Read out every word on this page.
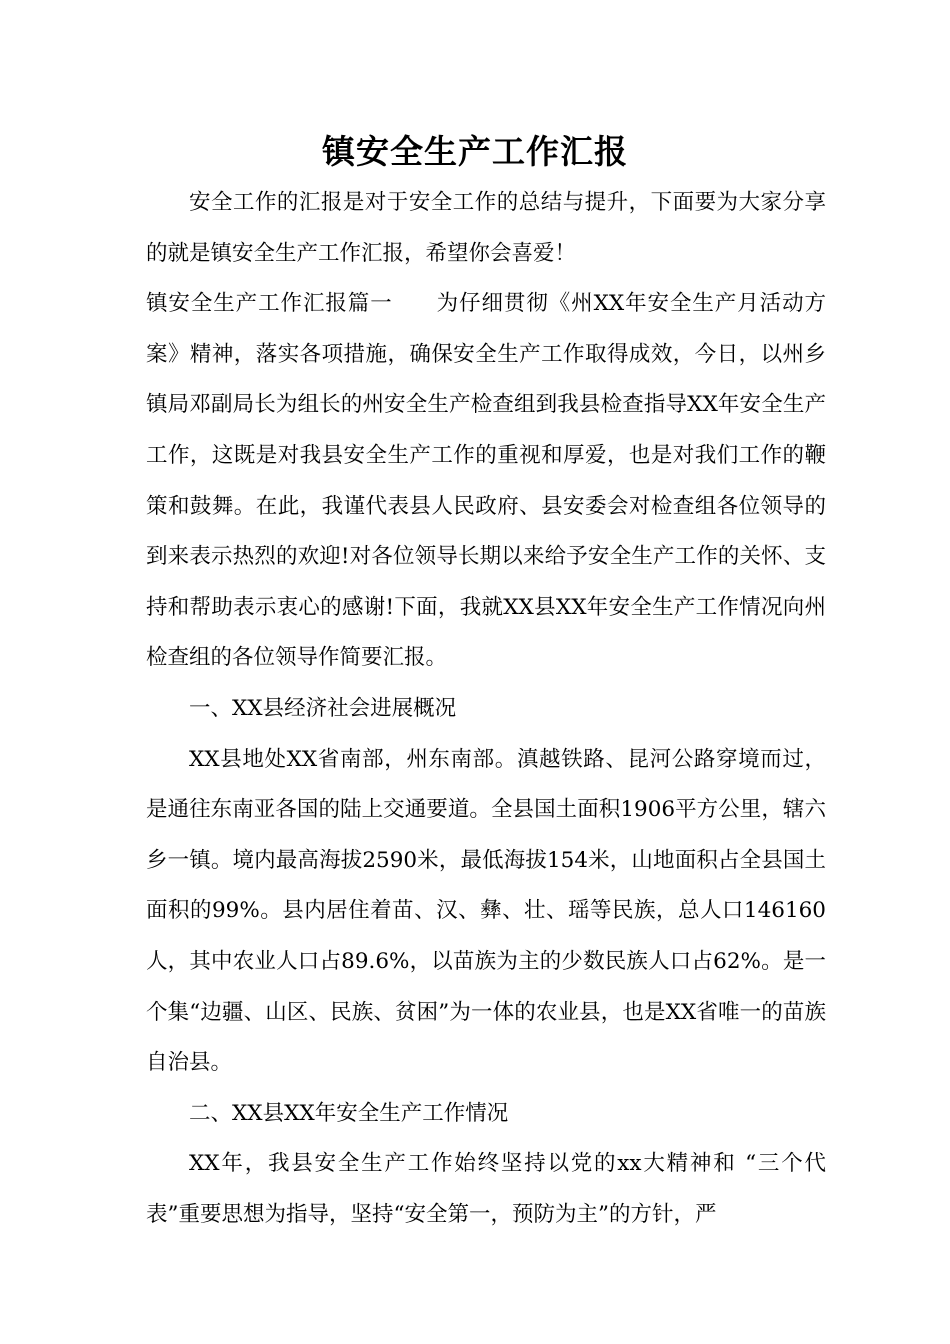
镇安全生产工作汇报

安全工作的汇报是对于安全工作的总结与提升，下面要为大家分享的就是镇安全生产工作汇报，希望你会喜爱！

镇安全生产工作汇报篇一 为仔细贯彻《州XX年安全生产月活动方案》精神，落实各项措施，确保安全生产工作取得成效，今日，以州乡镇局邓副局长为组长的州安全生产检查组到我县检查指导XX年安全生产工作，这既是对我县安全生产工作的重视和厚爱，也是对我们工作的鞭策和鼓舞。在此，我谨代表县人民政府、县安委会对检查组各位领导的到来表示热烈的欢迎!对各位领导长期以来给予安全生产工作的关怀、支持和帮助表示衷心的感谢!下面，我就XX县XX年安全生产工作情况向州检查组的各位领导作简要汇报。

一、XX县经济社会进展概况

XX县地处XX省南部，州东南部。滇越铁路、昆河公路穿境而过，是通往东南亚各国的陆上交通要道。全县国土面积1906平方公里，辖六乡一镇。境内最高海拔2590米，最低海拔154米，山地面积占全县国土面积的99%。县内居住着苗、汉、彝、壮、瑶等民族，总人口146160人，其中农业人口占89.6%，以苗族为主的少数民族人口占62%。是一个集“边疆、山区、民族、贫困”为一体的农业县，也是XX省唯一的苗族自治县。

二、XX县XX年安全生产工作情况

XX年，我县安全生产工作始终坚持以党的xx大精神和 “三个代表”重要思想为指导，坚持“安全第一，预防为主”的方针，严
